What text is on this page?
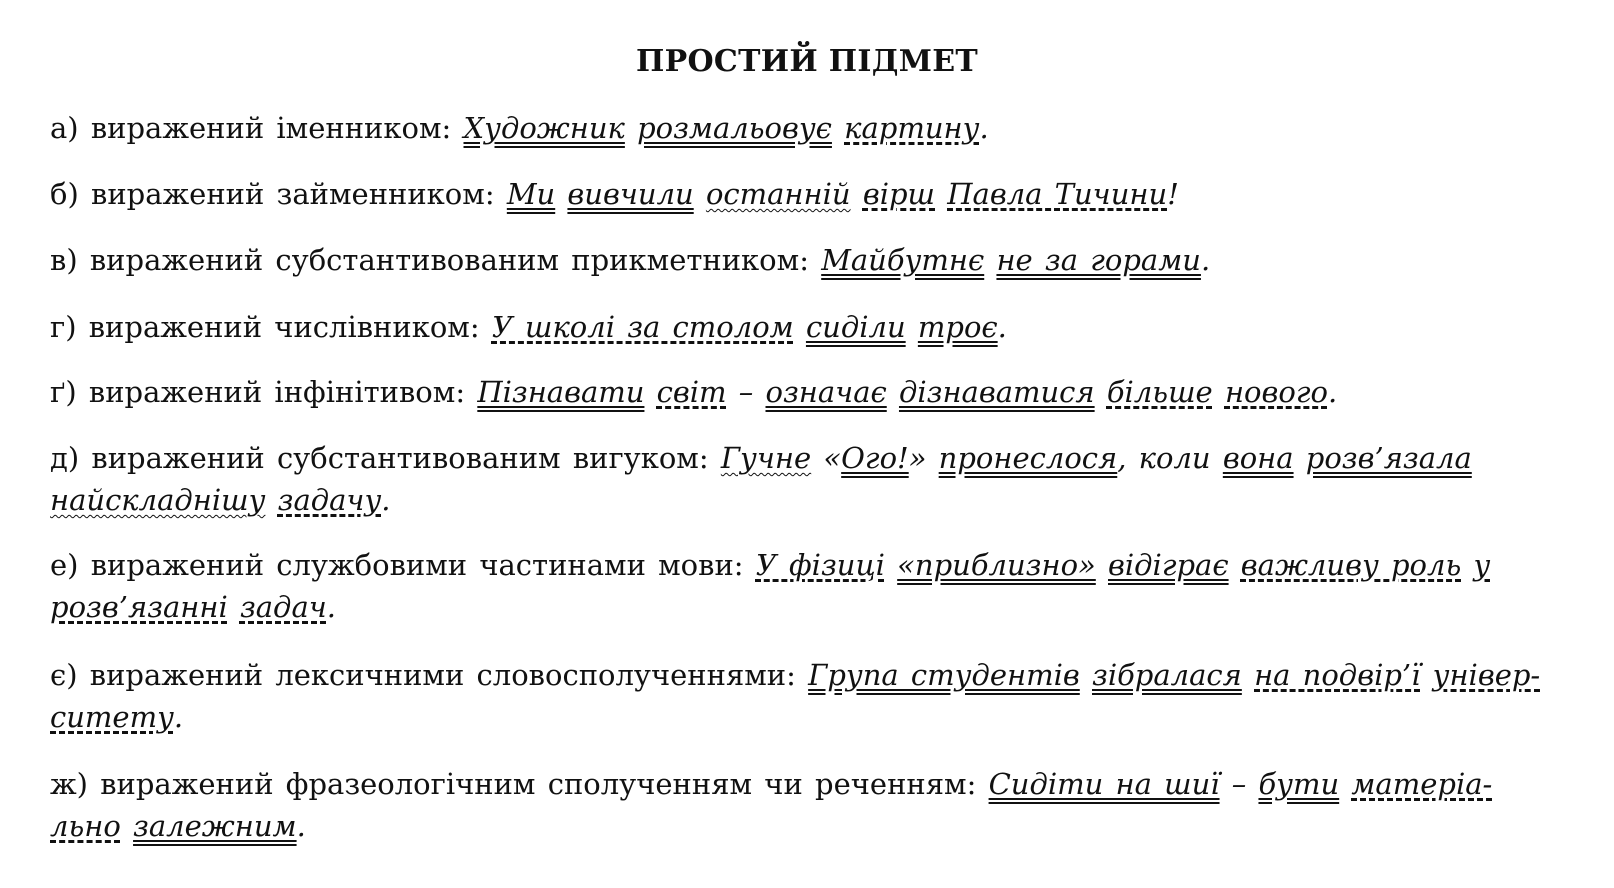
ПРОСТИЙ ПІДМЕТ
а) виражений іменником: Художник розмальовує картину.
б) виражений займенником: Ми вивчили останній вірш Павла Тичини!
в) виражений субстантивованим прикметником: Майбутнє не за горами.
г) виражений числівником: У школі за столом сиділи троє.
ґ) виражений інфінітивом: Пізнавати світ – означає дізнаватися більше нового.
д) виражений субстантивованим вигуком: Гучне «Ого!» пронеслося, коли вона розв’язала
найскладнішу задачу.
е) виражений службовими частинами мови: У фізиці «приблизно» відіграє важливу роль у
розв’язанні задач.
є) виражений лексичними словосполученнями: Група студентів зібралася на подвір’ї універ-
ситету.
ж) виражений фразеологічним сполученням чи реченням: Сидіти на шиї – бути матеріа-
льно залежним.
